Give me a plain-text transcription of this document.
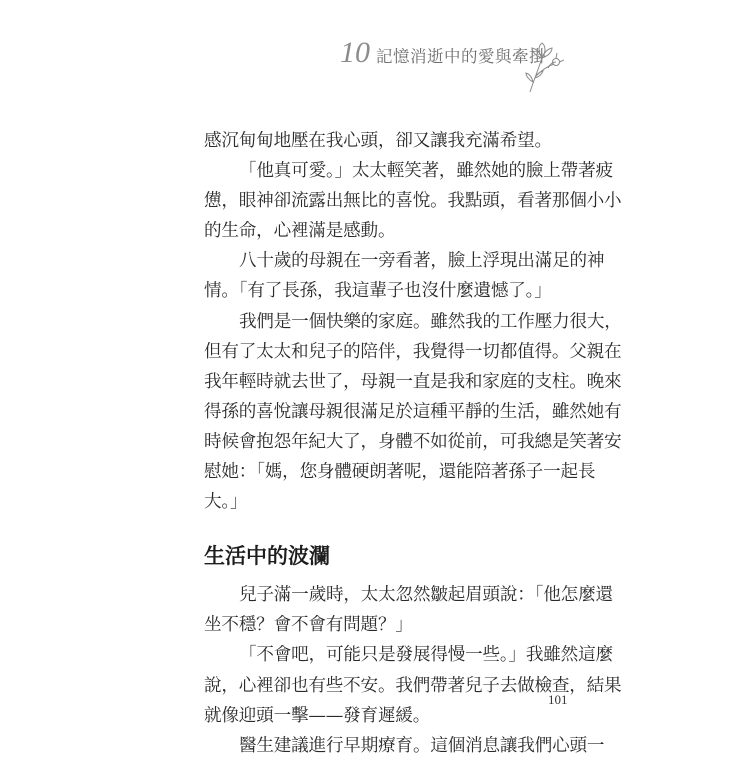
10 記憶消逝中的愛與牽掛
感沉甸甸地壓在我心頭，卻又讓我充滿希望。
「他真可愛。」太太輕笑著，雖然她的臉上帶著疲
憊，眼神卻流露出無比的喜悅。我點頭，看著那個小小
的生命，心裡滿是感動。
八十歲的母親在一旁看著，臉上浮現出滿足的神
情。「有了長孫，我這輩子也沒什麼遺憾了。」
我們是一個快樂的家庭。雖然我的工作壓力很大，
但有了太太和兒子的陪伴，我覺得一切都值得。父親在
我年輕時就去世了，母親一直是我和家庭的支柱。晚來
得孫的喜悅讓母親很滿足於這種平靜的生活，雖然她有
時候會抱怨年紀大了，身體不如從前，可我總是笑著安
慰她：「媽，您身體硬朗著呢，還能陪著孫子一起長
大。」
生活中的波瀾
兒子滿一歲時，太太忽然皺起眉頭說：「他怎麼還
坐不穩？會不會有問題？」
「不會吧，可能只是發展得慢一些。」我雖然這麼
說，心裡卻也有些不安。我們帶著兒子去做檢查，結果
就像迎頭一擊——發育遲緩。
醫生建議進行早期療育。這個消息讓我們心頭一
101
